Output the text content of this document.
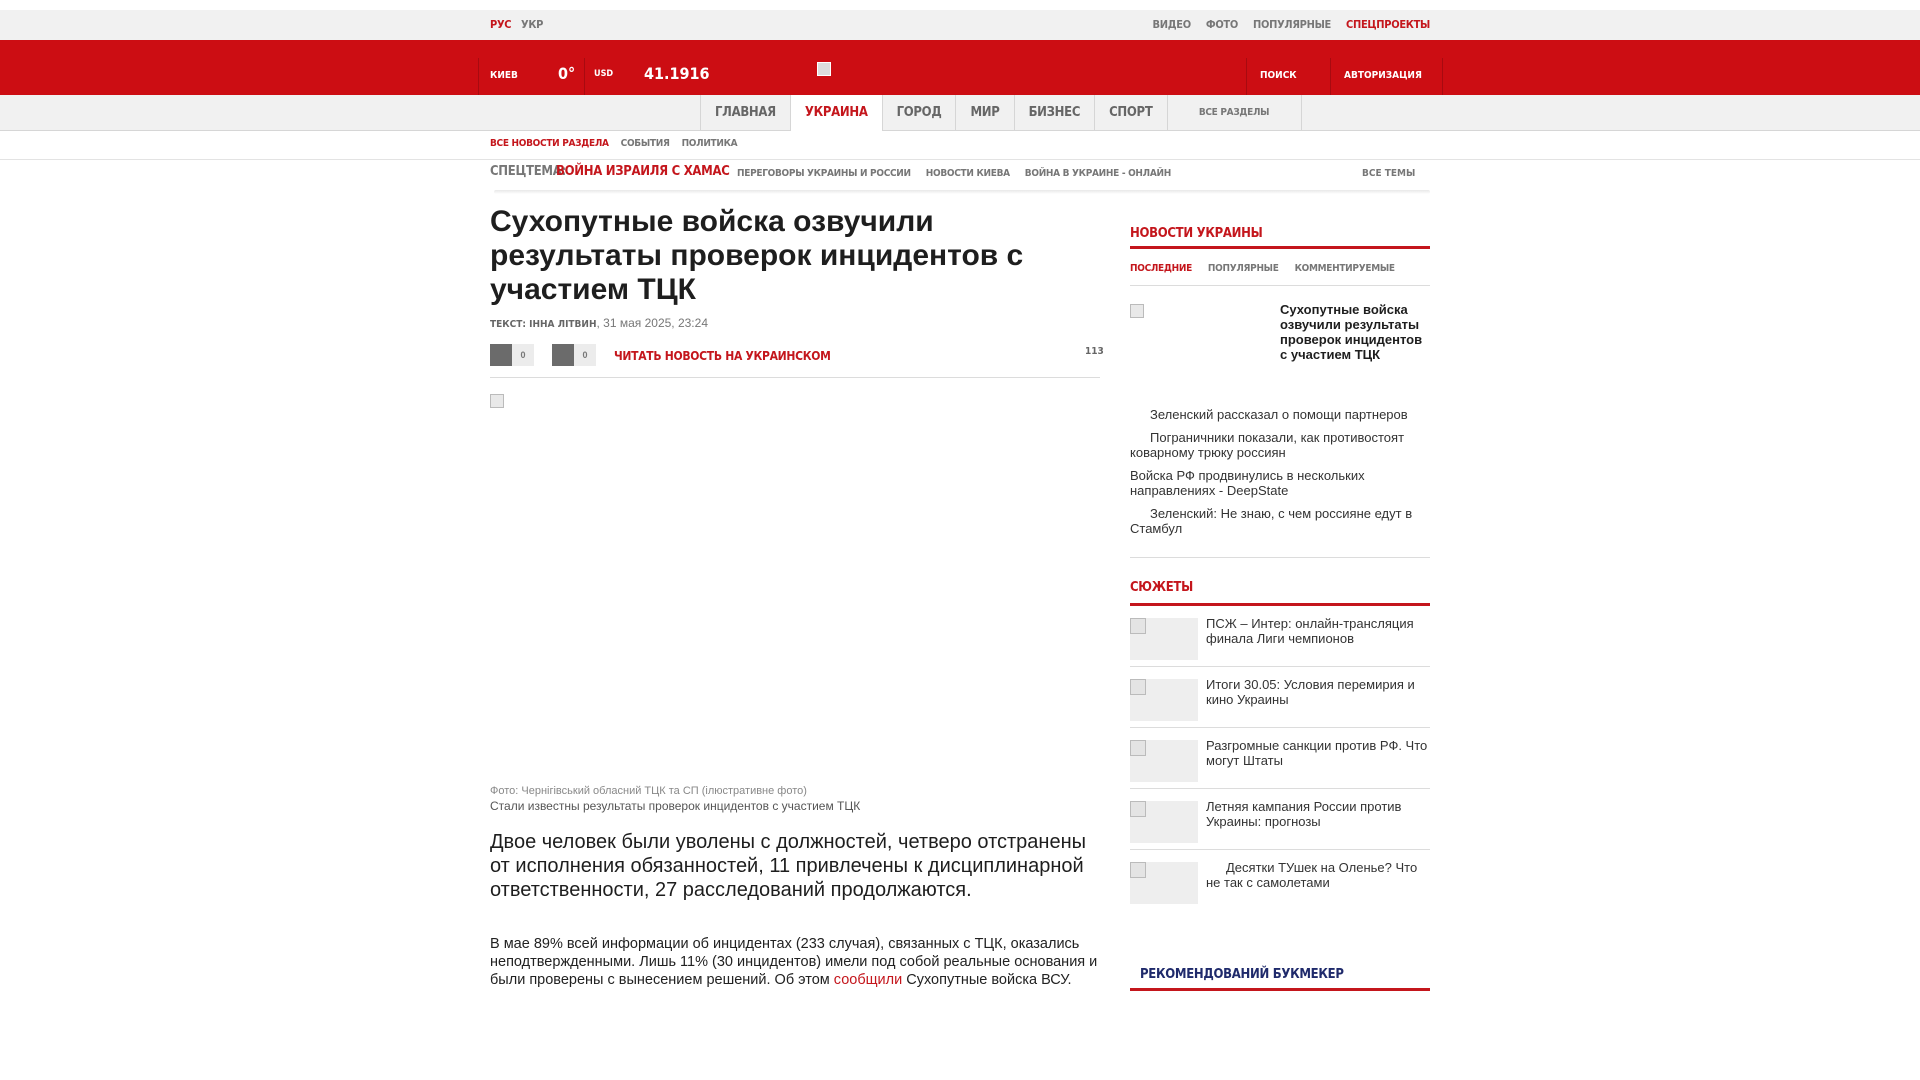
РУС УКР	ВИДЕО ФОТО ПОПУЛЯРНЫЕ СПЕЦПРОЕКТЫ
КИЕВ	0° USD 41.1916	ПОИСК	АВТОРИЗАЦИЯ
ГЛАВНАЯ	УКРАИНА	ГОРОД	МИР	БИЗНЕС	СПОРТ	ВСЕ РАЗДЕЛЫ
ВСЕ НОВОСТИ РАЗДЕЛА СОБЫТИЯ ПОЛИТИКА
СПЕЦТЕМА:
ВОЙНА ИЗРАИЛЯ С ХАМАС ПЕРЕГОВОРЫ УКРАИНЫ И РОССИИ НОВОСТИ КИЕВА ВОЙНА В УКРАИНЕ - ОНЛАЙН	ВСЕ ТЕМЫ
Сухопутные войска озвучили результаты проверок инцидентов с участием ТЦК
ТЕКСТ: ІННА ЛІТВИН, 31 мая 2025, 23:24
0	0	ЧИТАТЬ НОВОСТЬ НА УКРАИНСКОМ	113
Фото: Чернігівський обласний ТЦК та СП (ілюстративне фото)
Стали известны результаты проверок инцидентов с участием ТЦК

Двое человек были уволены с должностей, четверо отстранены от исполнения обязанностей, 11 привлечены к дисциплинарной ответственности, 27 расследований продолжаются.

В мае 89% всей информации об инцидентах (233 случая), связанных с ТЦК, оказались неподтвержденными. Лишь 11% (30 инцидентов) имели под собой реальные основания и были проверены с вынесением решений. Об этом сообщили Сухопутные войска ВСУ.

НОВОСТИ УКРАИНЫ
ПОСЛЕДНИЕ ПОПУЛЯРНЫЕ КОММЕНТИРУЕМЫЕ
Сухопутные войска озвучили результаты проверок инцидентов с участием ТЦК
Зеленский рассказал о помощи партнеров
Пограничники показали, как противостоят коварному трюку россиян
Войска РФ продвинулись в нескольких направлениях - DeepState
Зеленский: Не знаю, с чем россияне едут в Стамбул
СЮЖЕТЫ
ПСЖ – Интер: онлайн-трансляция финала Лиги чемпионов
Итоги 30.05: Условия перемирия и кино Украины
Разгромные санкции против РФ. Что могут Штаты
Летняя кампания России против Украины: прогнозы
Десятки ТУшек на Оленье? Что не так с самолетами
РЕКОМЕНДОВАНИЙ БУКМЕКЕР
